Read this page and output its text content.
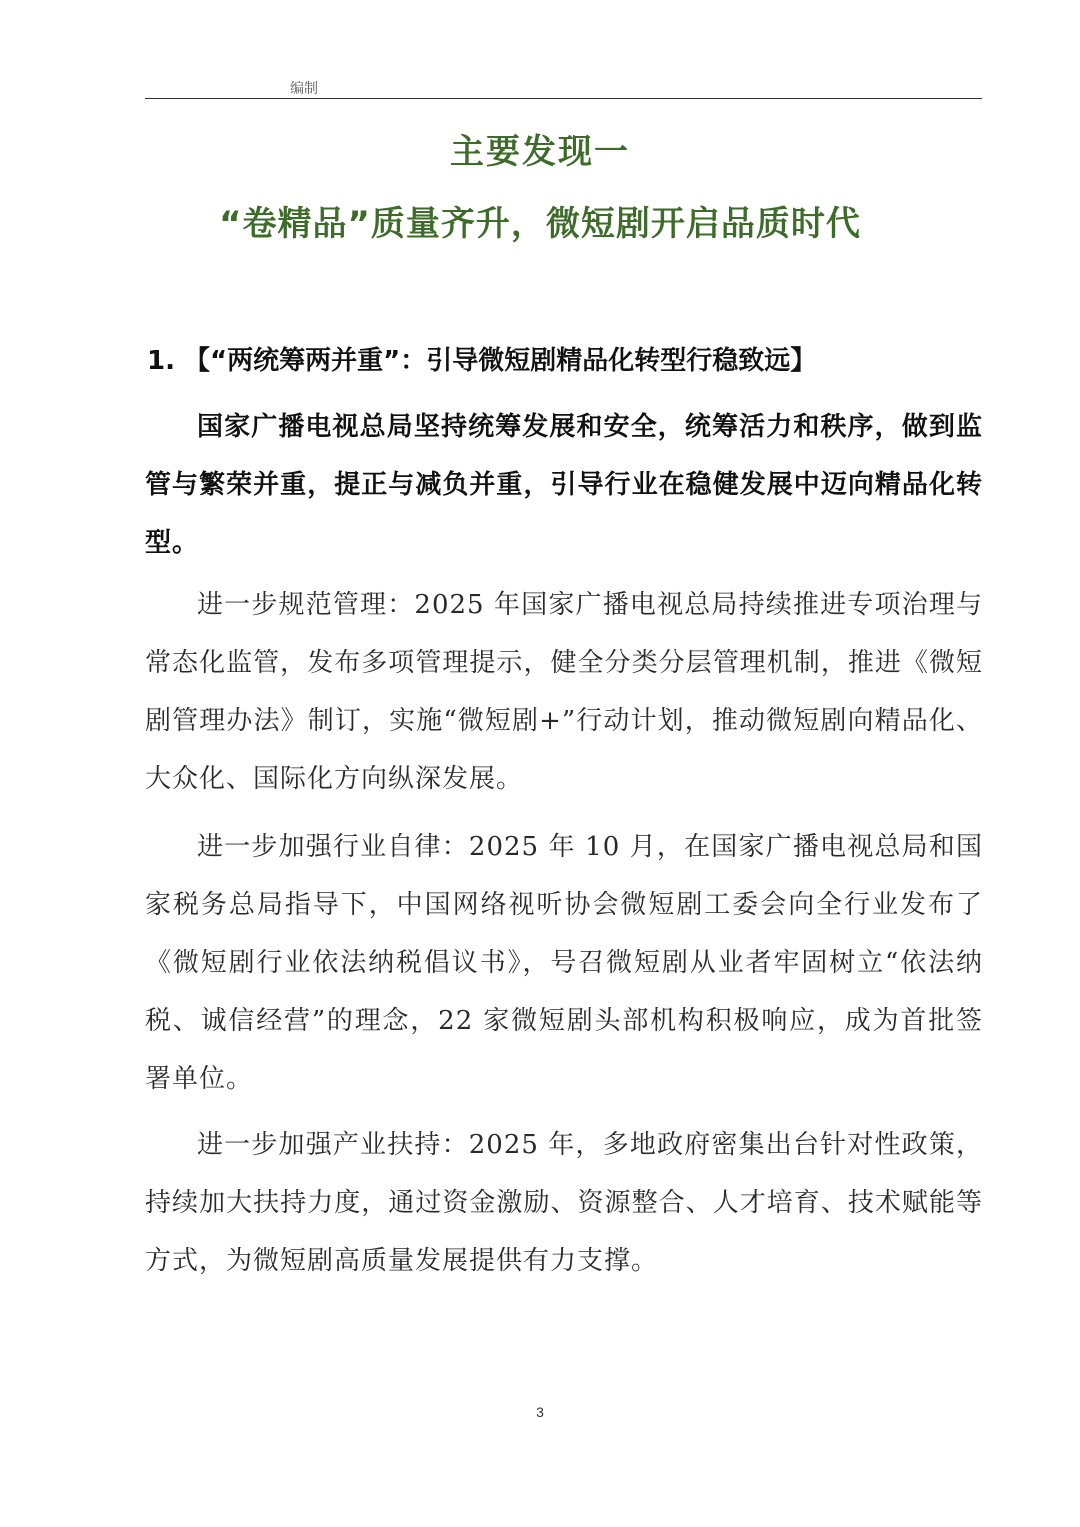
编制
主要发现一
“卷精品”质量齐升，微短剧开启品质时代
1. 【“两统筹两并重”：引导微短剧精品化转型行稳致远】

国家广播电视总局坚持统筹发展和安全，统筹活力和秩序，做到监管与繁荣并重，提正与减负并重，引导行业在稳健发展中迈向精品化转型。

进一步规范管理：2025 年国家广播电视总局持续推进专项治理与常态化监管，发布多项管理提示，健全分类分层管理机制，推进《微短剧管理办法》制订，实施“微短剧+”行动计划，推动微短剧向精品化、大众化、国际化方向纵深发展。

进一步加强行业自律：2025 年 10 月，在国家广播电视总局和国家税务总局指导下，中国网络视听协会微短剧工委会向全行业发布了《微短剧行业依法纳税倡议书》，号召微短剧从业者牢固树立“依法纳税、诚信经营”的理念，22 家微短剧头部机构积极响应，成为首批签署单位。

进一步加强产业扶持：2025 年，多地政府密集出台针对性政策，持续加大扶持力度，通过资金激励、资源整合、人才培育、技术赋能等方式，为微短剧高质量发展提供有力支撑。

3
